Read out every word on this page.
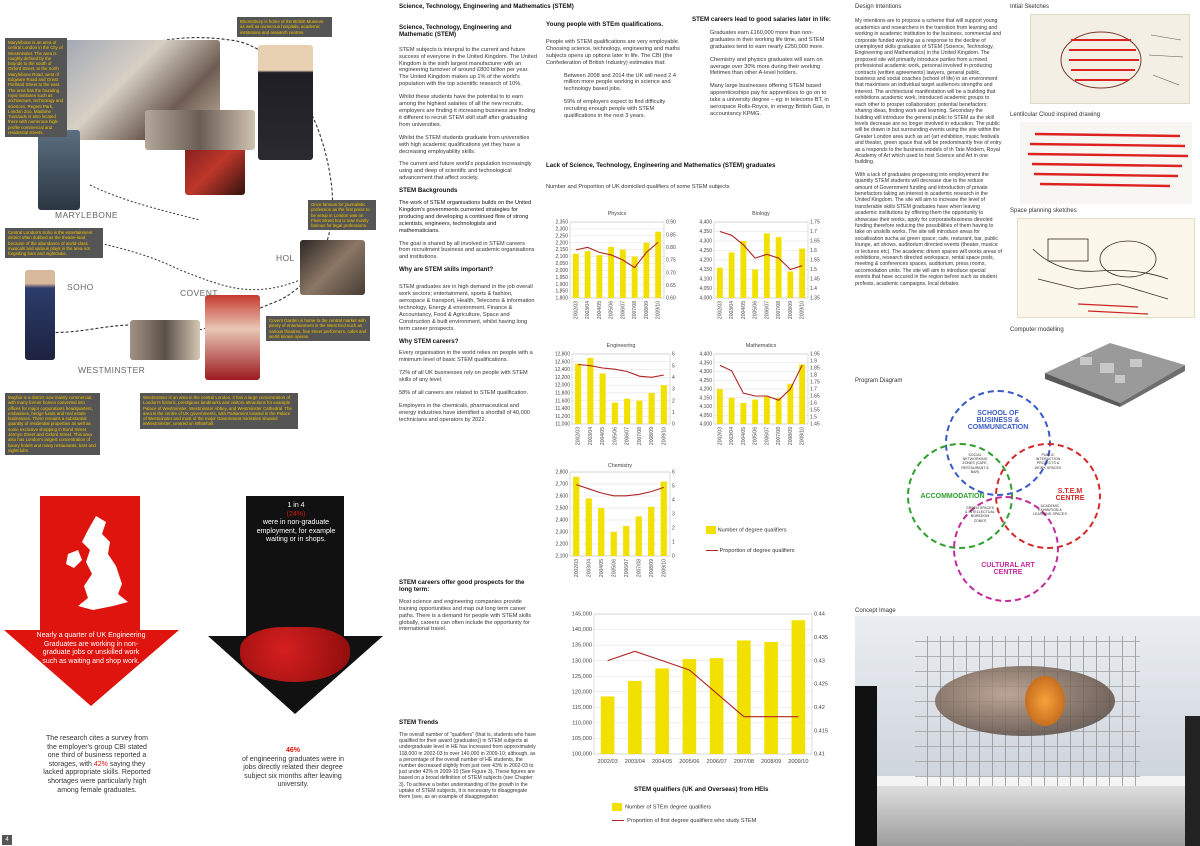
MARYLEBONE
SOHO
WESTMINSTER
COVENT
HOL
Marylebone is an area of central London in the City of Westminster. The area is roughly defined by the bounds to the south of Oxford Street, to the north Marylebone Road, west of Edgware Road and Great Portland Street to the east. The area has the founding royal institutes such as architecture, technology and sciences. Regent Park, London Zoo, Madame Tussauds is also located there with numerous high-profile commercial and residential streets.
Bloomsbury is home of the British Museum as well as numerous hospitals, academic institutions and research centres.
Central London's Soho is the entertainment district often dubbed as the theatre-land because of the abundance of world-class musicals and various plays in the area not forgetting bars and nightclubs.
Once famous for journalistic profession as the first press to be setup in London was on Fleet Street but is now mostly famous for legal professions.
Covent Garden is home to the central market with plenty of entertainment in the West End such as various theatres, free street performers, cafes and world known operas.
Mayfair is a district now mainly commercial, with many former homes converted into offices for major corporations headquarters, embassies, hedge funds and real estate businesses. There remains a substantial quantity of residential properties as well as some exclusive shopping in Bond Street, Jermyn Street and Oxford Street. This area also has London's largest concentration of luxury hotels and many restaurants, bars and nightclubs.
Westminster is an area in the central London, it has a large concentration of London's historic, prestigious landmarks and visitors attractions for example Palace of Westminster, Westminster Abbey, and Westminster Cathedral. The area is the centre of UK governments, with Parliament located in the Palace of Westminster and most of the major Government ministries situated inWestminster, centred on Whitehall.
Nearly a quarter of UK Engineering Graduates are working in non-graduate jobs or unskilled work such as waiting and shop work.
1 in 4
(24%)
were in non-graduate employment, for example waiting or in shops.
The research cites a survey from the employer's group CBI stated one third of business reported a storages, with 42% saying they lacked appropriate skills. Reported shortages were particularly high among female graduates.
46%
of engineering graduates were in jobs directly related their degree subject six months after leaving university.
4
Science, Technology, Engineering and Mathematics (STEM)
Science, Technology, Engineering and Mathematic (STEM)

STEM subjects is intergral to the current and future success of everyone in the United Kingdom. The United Kingdom is the sixth largest manufacturer with an engineering turnover of around £800 billion per year. The United Kingdom makes up 1% of the world's population with the top scientific research of 10%.

Whilst these students have the potential to to earn among the highiest salaries of all the new recruits, employers are finding it increasing business are finding it different to recruit STEM skill staff after graduating from universities.

Whilst the STEM students graduate from universities with high academic qualifications yet they have a decreasing employability skills.

The current and future world's population increasingly using and deep of scientific and technological advancement that affect society.

STEM Backgrounds

The work of STEM organisations builds on the United Kingdom's governments currented strategies for producing and developing a continued flow of strong scientists, engineers, technologists and mathematicians.

The goal is shared by all involved in STEM careers from recruitment business and academic organisations and institutions.

Why are STEM skills important?

STEM graduates are in high demand in the job overall work sectors; entertainment, sports & fashion, aerospace & transport, Health, Telecoms & information technology, Energy & environment, Finance & Accountancy, Food & Agriculture, Space and Construction & built environment, whilst having long term career prospects.

Why STEM careers?

Every organisation in the world relies on people with a minimum level of basic STEM qualifications.

72% of all UK businesses rely on people with STEM skills of any level.

58% of all careers are related to STEM qualification.

Employers in the chemicals, pharmaceutical and energy industries have identified a shortfall of 40,000 technicians and operators by 2022.

STEM careers offer good prospects for the long term:

Most science and engineering companies provide training opportunities and map out long term career paths. There is a demand for people with STEM skills globally, careers can often include the opportunity for international travel.

STEM Trends

The overall number of "qualifiers" (that is, students who have qualified for their award (graduates)) in STEM subjects at undergraduate level in HE has increased from approximately 118,000 in 2002-03 to over 140,000 in 2009-10; although, as a percentage of the overall number of HE students, the number decreased slightly from just over 43% in 2002-03 to just under 42% in 2009-10 (See Figure 3). These figures are based on a broad definition of STEM subjects (see Chapter 3). To achieve a better understanding of the growth in the uptake of STEM subjects, it is necessary to disaggregate them (see, as an example of disaggregation

Young people with STEm qualifications.

People with STEM qualifications are very employable. Choosing science, technology, engineering and maths subjects opens up options later in life. The CBI (the Confederation of British Industry) estimates that:

Between 2008 and 2014 the UK will need 2.4 million more people working in science and technology based jobs.

59% of employers expect to find difficulty recruiting enough people with STEM qualifications in the next 3 years.

STEM careers lead to good salaries later in life:

Graduates earn £160,000 more than non-graduates in their working life time, and STEM graduates tend to earn nearly £250,000 more.

Chemistry and physics graduates will earn on average over 30% more during their working lifetimes than other A-level holders.

Many large businesses offering STEM based apprenticeships pay for apprentices to go on to take a university degree – eg: in telecoms BT, in aerospace Rolls-Royce, in energy British Gas, in accountancy KPMG.

Lack of Science, Technology, Engineering and Mathematics (STEM) graduates
Number and Proportion of UK domiciled qualifiers of some STEM subjects
Physics
1,800
1,850
1,900
1,950
2,000
2,050
2,100
2,150
2,200
2,250
2,300
2,350
0.60
0.65
0.70
0.75
0.80
0.85
0.90
2002/03 2003/04 2004/05 2005/06 2006/07 2007/08 2008/09 2009/10
Biology
4,000
4,050
4,100
4,150
4,200
4,250
4,300
4,350
4,400
1.35
1.4
1.45
1.5
1.55
1.6
1.65
1.7
1.75
2002/03 2003/04 2004/05 2005/06 2006/07 2007/08 2008/09 2009/10
Engineering
11,000
11,200
11,400
11,600
11,800
12,000
12,200
12,400
12,600
12,800
0
1
2
3
4
5
6
2002/03 2003/04 2004/05 2005/06 2006/07 2007/08 2008/09 2009/10
Mathematics
4,000
4,050
4,100
4,150
4,200
4,250
4,300
4,350
4,400
1.45
1.5
1.55
1.6
1.65
1.7
1.75
1.8
1.85
1.9
1.95
2002/03 2003/04 2004/05 2005/06 2006/07 2007/08 2008/09 2009/10
Chemistry
2,100
2,200
2,300
2,400
2,500
2,600
2,700
2,800
0
1
2
3
4
5
6
2002/03 2003/04 2004/05 2005/06 2006/07 2007/08 2008/09 2009/10
Number of degree qualifiers
Proportion of degree qualifiers
100,000
105,000
110,000
115,000
120,000
125,000
130,000
135,000
140,000
145,000
0.41
0.415
0.42
0.425
0.43
0.435
0.44
2002/03 2003/04 2004/05 2005/06 2006/07 2007/08 2008/09 2009/10
STEM qualifiers (UK and Overseas) from HEIs
Number of STEm degree qualifiers
Proportion of first degree qualifiers who study STEM
Design Intentions

My intentions are to propose a scheme that will support young academics and researchers in the transition from learning and working in academic institution to the business, commercial and corporate funded working as a response to the decline of unemployed skills graduates of STEM (Science, Technology, Engineering and Mathematics) in the United Kingdom. The proposed site will primarily introduce parties from a mixed professional academic work, personal involved in producing contracts (written agreements) lawyers, general public, business and social coaches (school of life) in an environment that maximises an individual target audiences strengths and interest. The architectural manifestation will be a building that exhibitions academic work, introduced academic groups to each other to prosper collaboration: potential benefactors; sharing ideas, finding work and learning. Secondary the building will introduce the general public to STEM as the skill levels decrease are no longer involved in education. The public will be drawn in but surrounding events using the site within the Greater London area such as art (art exhibition, music festivals and theater, green space that will be predominantly free of entry as a responds to the business models of th Tate Modern, Royal Academy of Art which used to host Science and Art in one building.

With a lack of graduates progeesing into employement the quantity STEM students will decrease due to the reduce amount of Government funding and introduction of private benefactors taking an interest in academic research in the United Kingdom. The site will aim to increase the level of transferable skills STEM graduates have when leaving academic institutions by offering them the opportunity to showcase their works, apply for corporate/business directed funding therefore reducing the possibilities of them having to take on unskills works. The site will introduce areas for socailisation sucha as green space; cafe, resturant, bar, public lounge, art shows, auditorium directed events (theater, musice or lectures etc). The academic driven spaces will works areas of exhibitions, research directed workspace, rental space pods, meeting & conferences spaces, auditorium, press rooms, accomodation units. The site will aim to introduce special events that have occured in the region before such as student profests, academic campaigns, local debates

Program Diagram
SCHOOL OF BUSINESS & COMMUNICATION
ACCOMMODATION
S.T.E.M CENTRE
CULTURAL ART CENTRE
SOCIAL NETWORKING ZONES (CAFE, RESTAURANT & BAR)
PUBLIC INTERACTION PROJECTS & WORK SPACES
GREEN SPACES & INTELLECTUAL BOREDOM ZONES
ACADEMIC EXHIBITION & LEARNING SPACES
Concept Image
Intial Sketches
Lentilcular Cloud inspired drawing
Space planning sketches
Computer modelling
